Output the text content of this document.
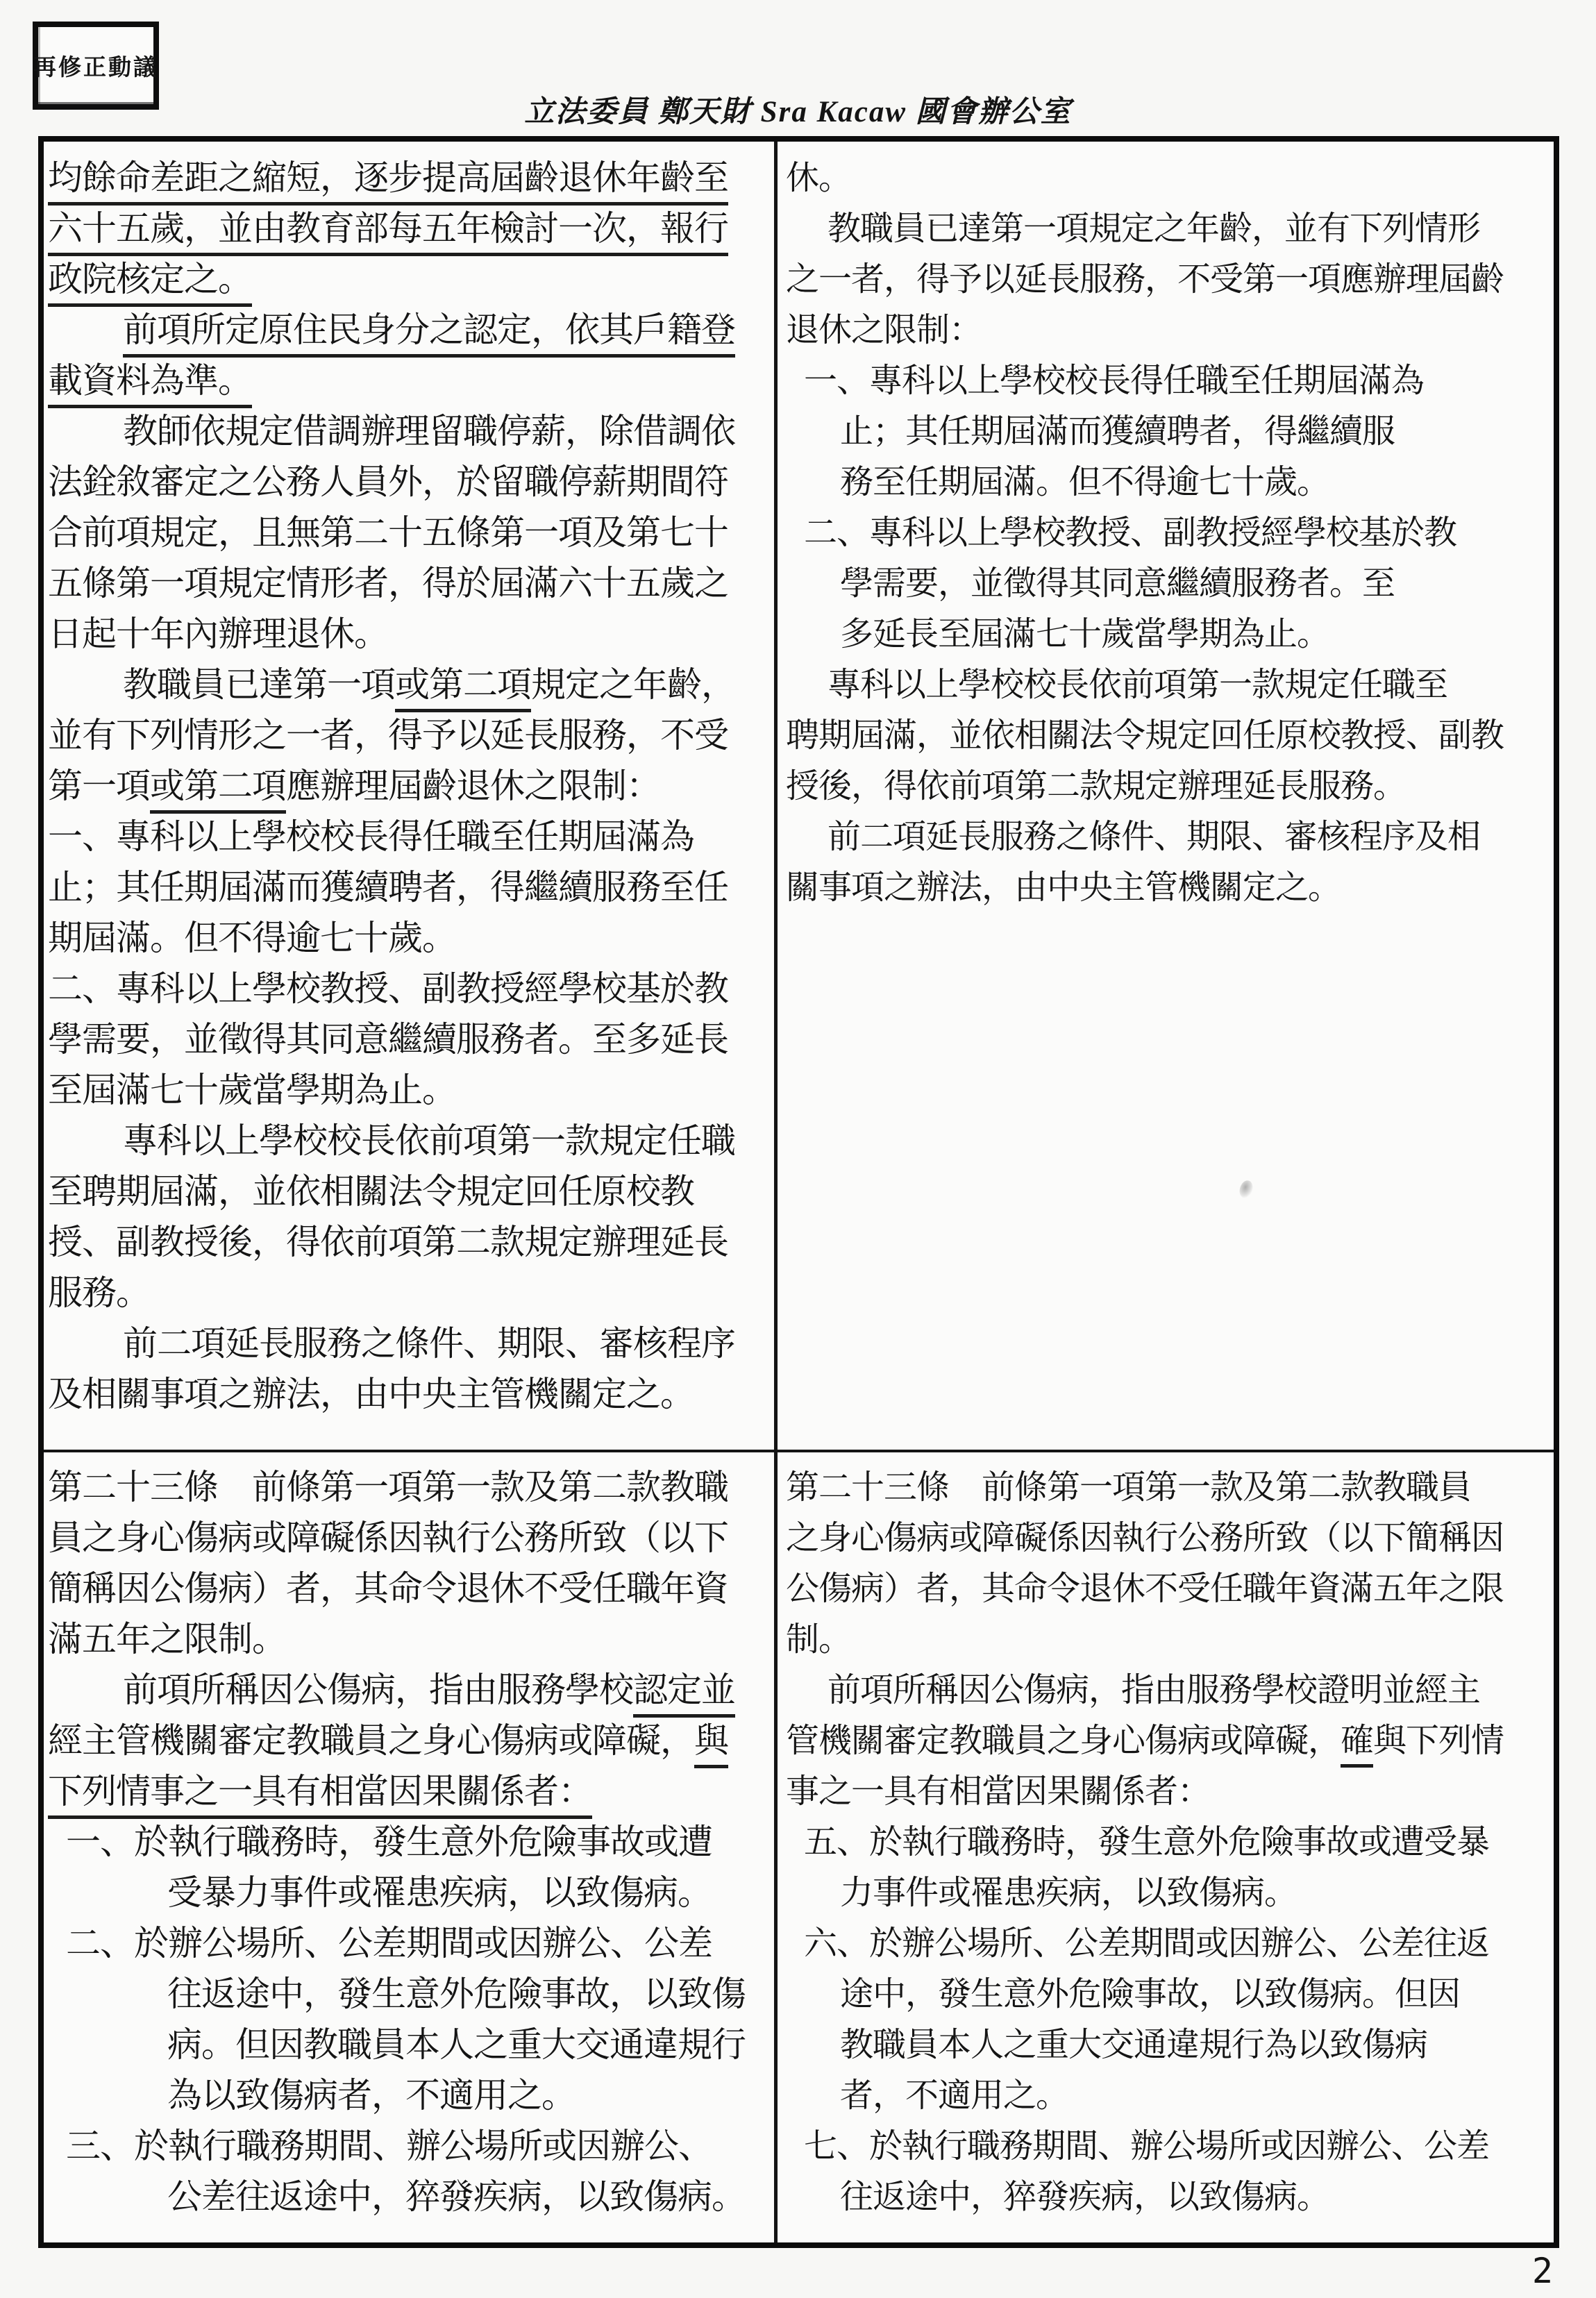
再修正動議
立法委員 鄭天財 Sra Kacaw 國會辦公室
均餘命差距之縮短，逐步提高屆齡退休年齡至
六十五歲，並由教育部每五年檢討一次，報行
政院核定之。
前項所定原住民身分之認定，依其戶籍登
載資料為準。
教師依規定借調辦理留職停薪，除借調依
法銓敘審定之公務人員外，於留職停薪期間符
合前項規定，且無第二十五條第一項及第七十
五條第一項規定情形者，得於屆滿六十五歲之
日起十年內辦理退休。
教職員已達第一項或第二項規定之年齡，
並有下列情形之一者，得予以延長服務，不受
第一項或第二項應辦理屆齡退休之限制：
一、專科以上學校校長得任職至任期屆滿為
止；其任期屆滿而獲續聘者，得繼續服務至任
期屆滿。但不得逾七十歲。
二、專科以上學校教授、副教授經學校基於教
學需要，並徵得其同意繼續服務者。至多延長
至屆滿七十歲當學期為止。
專科以上學校校長依前項第一款規定任職
至聘期屆滿，並依相關法令規定回任原校教
授、副教授後，得依前項第二款規定辦理延長
服務。
前二項延長服務之條件、期限、審核程序
及相關事項之辦法，由中央主管機關定之。
休。
教職員已達第一項規定之年齡，並有下列情形
之一者，得予以延長服務，不受第一項應辦理屆齡
退休之限制：
一、專科以上學校校長得任職至任期屆滿為
止；其任期屆滿而獲續聘者，得繼續服
務至任期屆滿。但不得逾七十歲。
二、專科以上學校教授、副教授經學校基於教
學需要，並徵得其同意繼續服務者。至
多延長至屆滿七十歲當學期為止。
專科以上學校校長依前項第一款規定任職至
聘期屆滿，並依相關法令規定回任原校教授、副教
授後，得依前項第二款規定辦理延長服務。
前二項延長服務之條件、期限、審核程序及相
關事項之辦法，由中央主管機關定之。
第二十三條　前條第一項第一款及第二款教職
員之身心傷病或障礙係因執行公務所致（以下
簡稱因公傷病）者，其命令退休不受任職年資
滿五年之限制。
前項所稱因公傷病，指由服務學校認定並
經主管機關審定教職員之身心傷病或障礙，與
下列情事之一具有相當因果關係者：
一、於執行職務時，發生意外危險事故或遭
受暴力事件或罹患疾病，以致傷病。
二、於辦公場所、公差期間或因辦公、公差
往返途中，發生意外危險事故，以致傷
病。但因教職員本人之重大交通違規行
為以致傷病者，不適用之。
三、於執行職務期間、辦公場所或因辦公、
公差往返途中，猝發疾病，以致傷病。
第二十三條　前條第一項第一款及第二款教職員
之身心傷病或障礙係因執行公務所致（以下簡稱因
公傷病）者，其命令退休不受任職年資滿五年之限
制。
前項所稱因公傷病，指由服務學校證明並經主
管機關審定教職員之身心傷病或障礙，確與下列情
事之一具有相當因果關係者：
五、於執行職務時，發生意外危險事故或遭受暴
力事件或罹患疾病，以致傷病。
六、於辦公場所、公差期間或因辦公、公差往返
途中，發生意外危險事故，以致傷病。但因
教職員本人之重大交通違規行為以致傷病
者，不適用之。
七、於執行職務期間、辦公場所或因辦公、公差
往返途中，猝發疾病，以致傷病。
2
